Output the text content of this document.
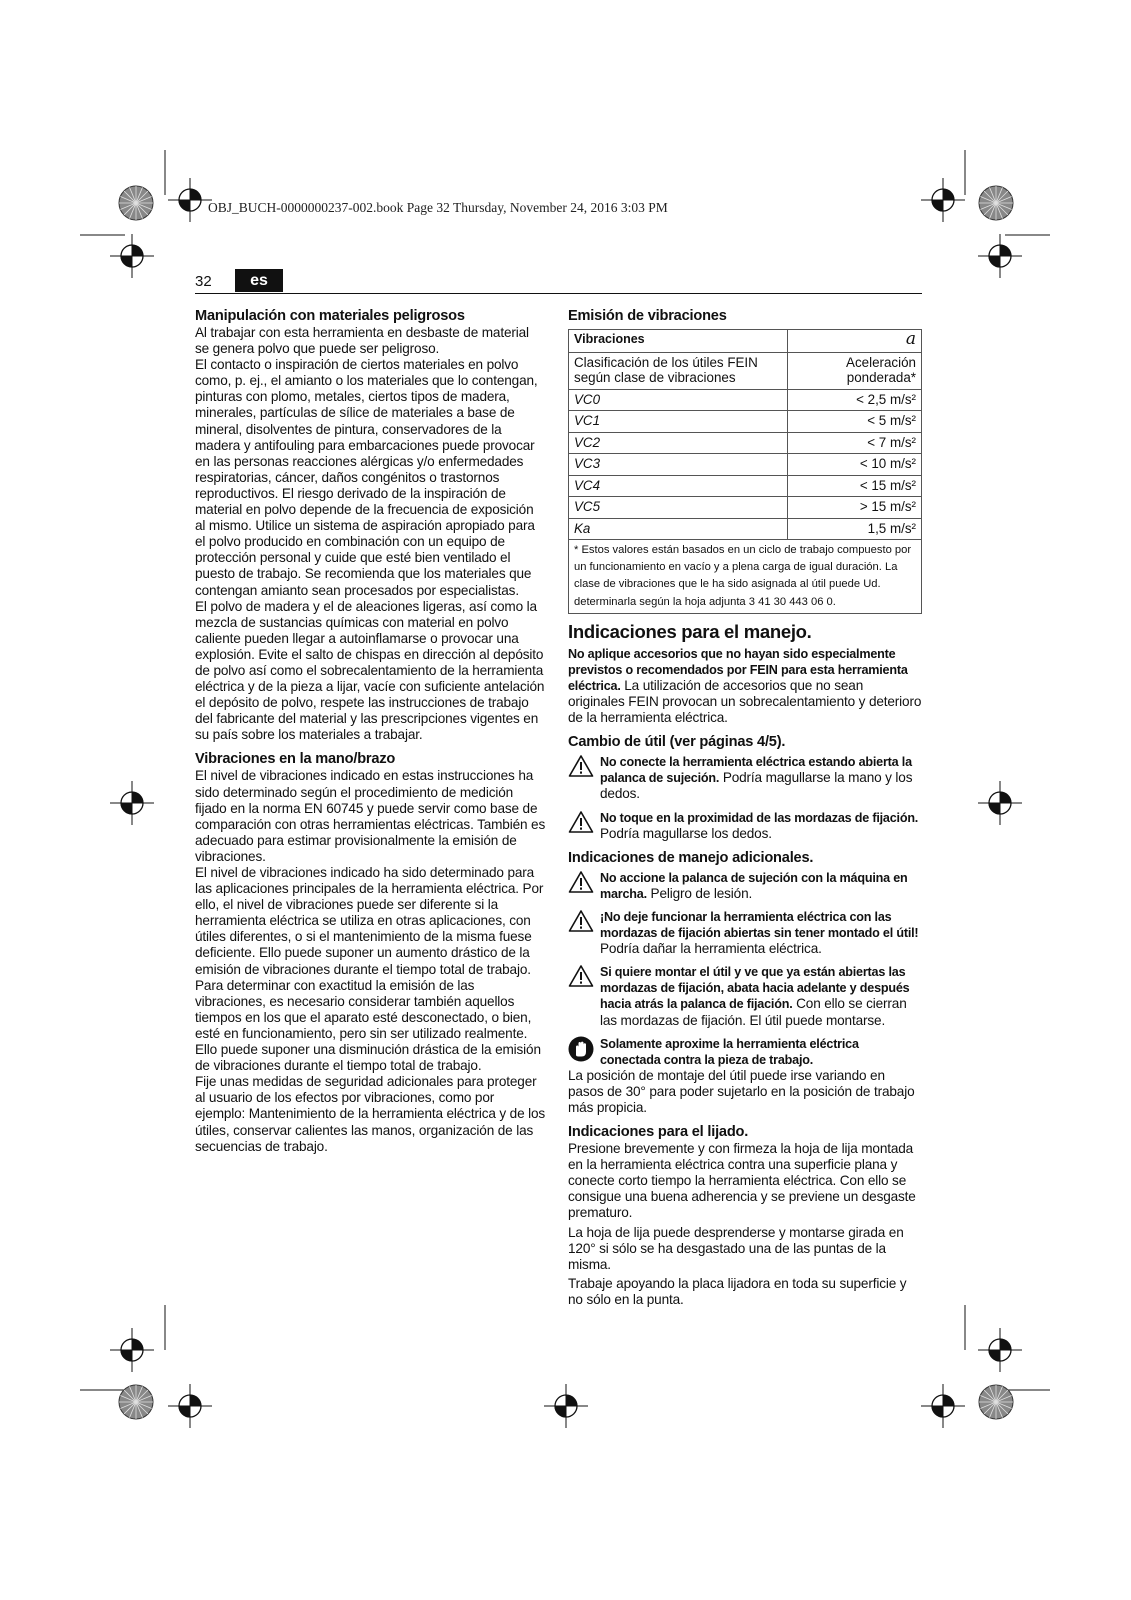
OBJ_BUCH-0000000237-002.book Page 32 Thursday, November 24, 2016 3:03 PM
32	es
Manipulación con materiales peligrosos

Al trabajar con esta herramienta en desbaste de material se genera polvo que puede ser peligroso.

El contacto o inspiración de ciertos materiales en polvo como, p. ej., el amianto o los materiales que lo contengan, pinturas con plomo, metales, ciertos tipos de madera, minerales, partículas de sílice de materiales a base de mineral, disolventes de pintura, conservadores de la madera y antifouling para embarcaciones puede provocar en las personas reacciones alérgicas y/o enfermedades respiratorias, cáncer, daños congénitos o trastornos reproductivos. El riesgo derivado de la inspiración de material en polvo depende de la frecuencia de exposición al mismo. Utilice un sistema de aspiración apropiado para el polvo producido en combinación con un equipo de protección personal y cuide que esté bien ventilado el puesto de trabajo. Se recomienda que los materiales que contengan amianto sean procesados por especialistas.

El polvo de madera y el de aleaciones ligeras, así como la mezcla de sustancias químicas con material en polvo caliente pueden llegar a autoinflamarse o provocar una explosión. Evite el salto de chispas en dirección al depósito de polvo así como el sobrecalentamiento de la herramienta eléctrica y de la pieza a lijar, vacíe con suficiente antelación el depósito de polvo, respete las instrucciones de trabajo del fabricante del material y las prescripciones vigentes en su país sobre los materiales a trabajar.

Vibraciones en la mano/brazo

El nivel de vibraciones indicado en estas instrucciones ha sido determinado según el procedimiento de medición fijado en la norma EN 60745 y puede servir como base de comparación con otras herramientas eléctricas. También es adecuado para estimar provisionalmente la emisión de vibraciones.

El nivel de vibraciones indicado ha sido determinado para las aplicaciones principales de la herramienta eléctrica. Por ello, el nivel de vibraciones puede ser diferente si la herramienta eléctrica se utiliza en otras aplicaciones, con útiles diferentes, o si el mantenimiento de la misma fuese deficiente. Ello puede suponer un aumento drástico de la emisión de vibraciones durante el tiempo total de trabajo. Para determinar con exactitud la emisión de las vibraciones, es necesario considerar también aquellos tiempos en los que el aparato esté desconectado, o bien, esté en funcionamiento, pero sin ser utilizado realmente. Ello puede suponer una disminución drástica de la emisión de vibraciones durante el tiempo total de trabajo.

Fije unas medidas de seguridad adicionales para proteger al usuario de los efectos por vibraciones, como por ejemplo: Mantenimiento de la herramienta eléctrica y de los útiles, conservar calientes las manos, organización de las secuencias de trabajo.

Emisión de vibraciones
Vibraciones	a
Clasificación de los útiles FEIN según clase de vibraciones	Aceleración ponderada*
VC0	< 2,5 m/s²
VC1	< 5 m/s²
VC2	< 7 m/s²
VC3	< 10 m/s²
VC4	< 15 m/s²
VC5	> 15 m/s²
Ka	1,5 m/s²
* Estos valores están basados en un ciclo de trabajo compuesto por un funcionamiento en vacío y a plena carga de igual duración. La clase de vibraciones que le ha sido asignada al útil puede Ud. determinarla según la hoja adjunta 3 41 30 443 06 0.	
Indicaciones para el manejo.

No aplique accesorios que no hayan sido especialmente previstos o recomendados por FEIN para esta herramienta eléctrica. La utilización de accesorios que no sean originales FEIN provocan un sobrecalentamiento y deterioro de la herramienta eléctrica.

Cambio de útil (ver páginas 4/5).

No conecte la herramienta eléctrica estando abierta la palanca de sujeción. Podría magullarse la mano y los dedos.

No toque en la proximidad de las mordazas de fijación. Podría magullarse los dedos.

Indicaciones de manejo adicionales.

No accione la palanca de sujeción con la máquina en marcha. Peligro de lesión.

¡No deje funcionar la herramienta eléctrica con las mordazas de fijación abiertas sin tener montado el útil! Podría dañar la herramienta eléctrica.

Si quiere montar el útil y ve que ya están abiertas las mordazas de fijación, abata hacia adelante y después hacia atrás la palanca de fijación. Con ello se cierran las mordazas de fijación. El útil puede montarse.

Solamente aproxime la herramienta eléctrica conectada contra la pieza de trabajo.

La posición de montaje del útil puede irse variando en pasos de 30° para poder sujetarlo en la posición de trabajo más propicia.

Indicaciones para el lijado.

Presione brevemente y con firmeza la hoja de lija montada en la herramienta eléctrica contra una superficie plana y conecte corto tiempo la herramienta eléctrica. Con ello se consigue una buena adherencia y se previene un desgaste prematuro.

La hoja de lija puede desprenderse y montarse girada en 120° si sólo se ha desgastado una de las puntas de la misma.

Trabaje apoyando la placa lijadora en toda su superficie y no sólo en la punta.
